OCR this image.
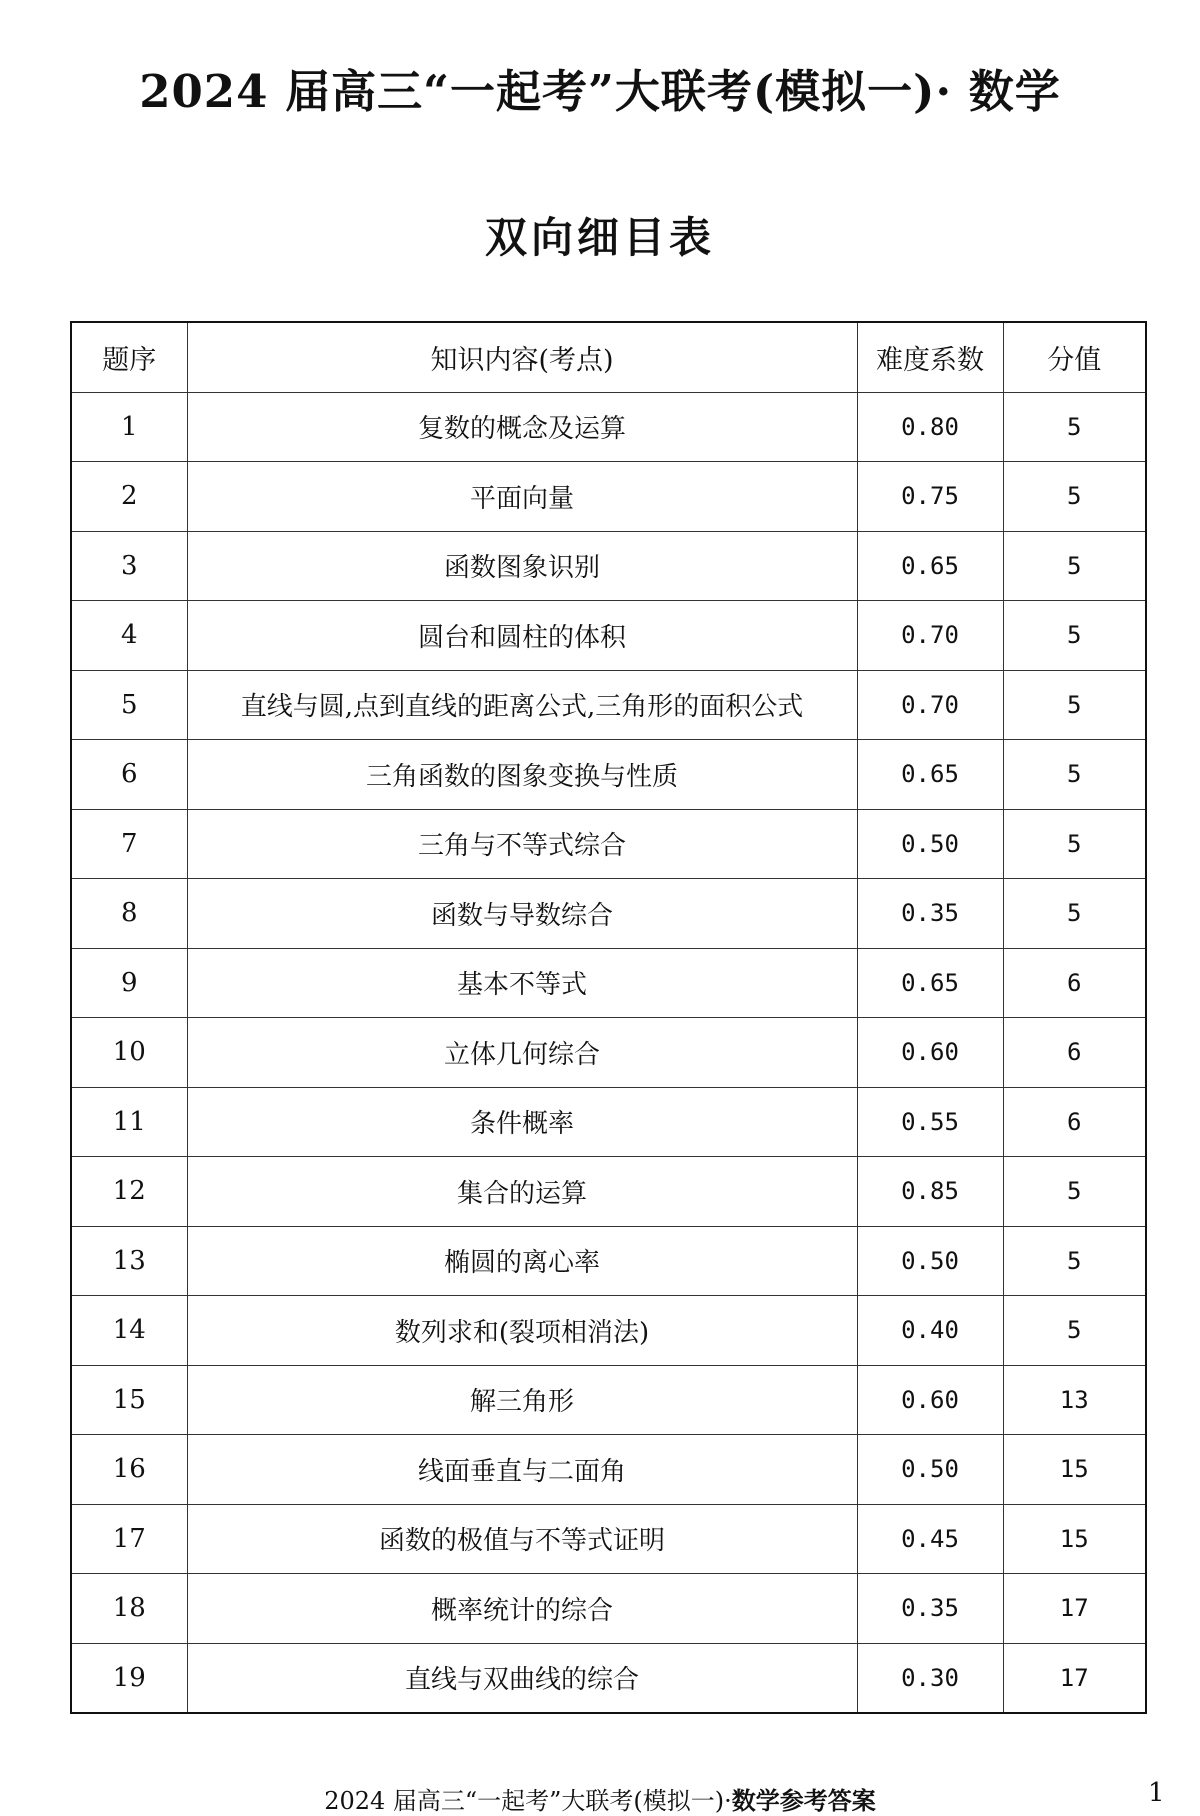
2024 届高三“一起考”大联考(模拟一)· 数学
双向细目表
题序	知识内容(考点)	难度系数	分值
1	复数的概念及运算	0.80	5
2	平面向量	0.75	5
3	函数图象识别	0.65	5
4	圆台和圆柱的体积	0.70	5
5	直线与圆,点到直线的距离公式,三角形的面积公式	0.70	5
6	三角函数的图象变换与性质	0.65	5
7	三角与不等式综合	0.50	5
8	函数与导数综合	0.35	5
9	基本不等式	0.65	6
10	立体几何综合	0.60	6
11	条件概率	0.55	6
12	集合的运算	0.85	5
13	椭圆的离心率	0.50	5
14	数列求和(裂项相消法)	0.40	5
15	解三角形	0.60	13
16	线面垂直与二面角	0.50	15
17	函数的极值与不等式证明	0.45	15
18	概率统计的综合	0.35	17
19	直线与双曲线的综合	0.30	17
2024 届高三“一起考”大联考(模拟一)·数学参考答案	1
